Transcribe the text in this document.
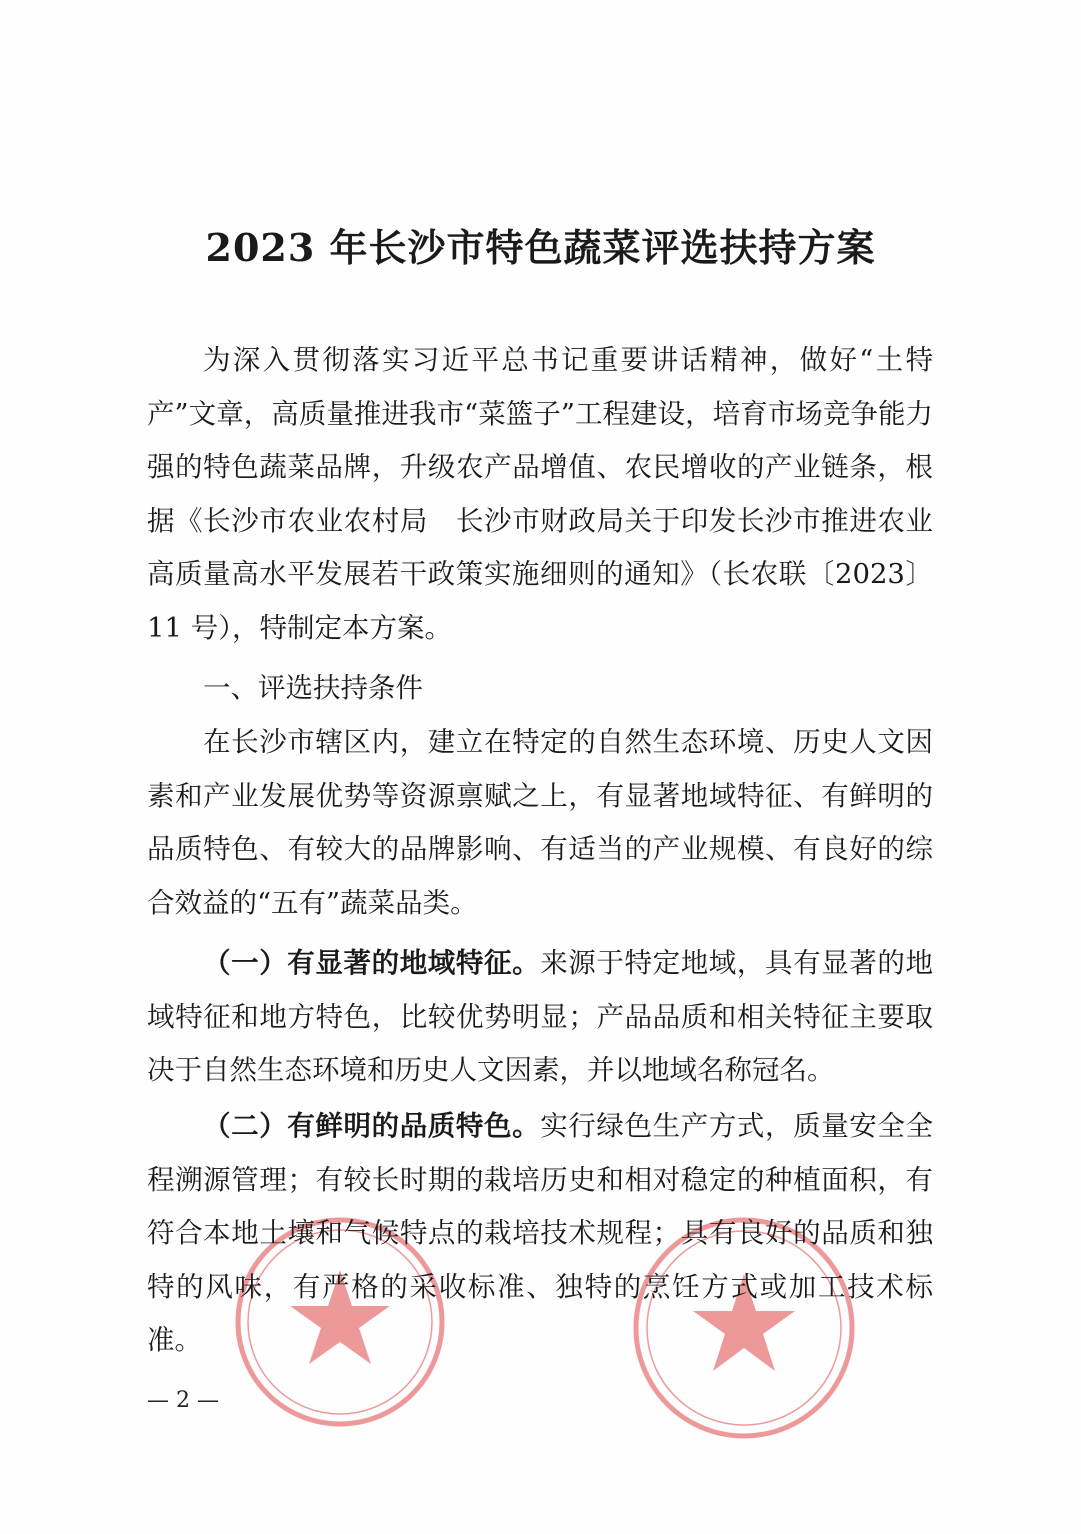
2023 年长沙市特色蔬菜评选扶持方案

为深入贯彻落实习近平总书记重要讲话精神，做好“土特产”文章，高质量推进我市“菜篮子”工程建设，培育市场竞争能力强的特色蔬菜品牌，升级农产品增值、农民增收的产业链条，根据《长沙市农业农村局　长沙市财政局关于印发长沙市推进农业高质量高水平发展若干政策实施细则的通知》（长农联〔2023〕11 号），特制定本方案。

一、评选扶持条件

在长沙市辖区内，建立在特定的自然生态环境、历史人文因素和产业发展优势等资源禀赋之上，有显著地域特征、有鲜明的品质特色、有较大的品牌影响、有适当的产业规模、有良好的综合效益的“五有”蔬菜品类。

（一）有显著的地域特征。来源于特定地域，具有显著的地域特征和地方特色，比较优势明显；产品品质和相关特征主要取决于自然生态环境和历史人文因素，并以地域名称冠名。

（二）有鲜明的品质特色。实行绿色生产方式，质量安全全程溯源管理；有较长时期的栽培历史和相对稳定的种植面积，有符合本地土壤和气候特点的栽培技术规程；具有良好的品质和独特的风味，有严格的采收标准、独特的烹饪方式或加工技术标准。

— 2 —
